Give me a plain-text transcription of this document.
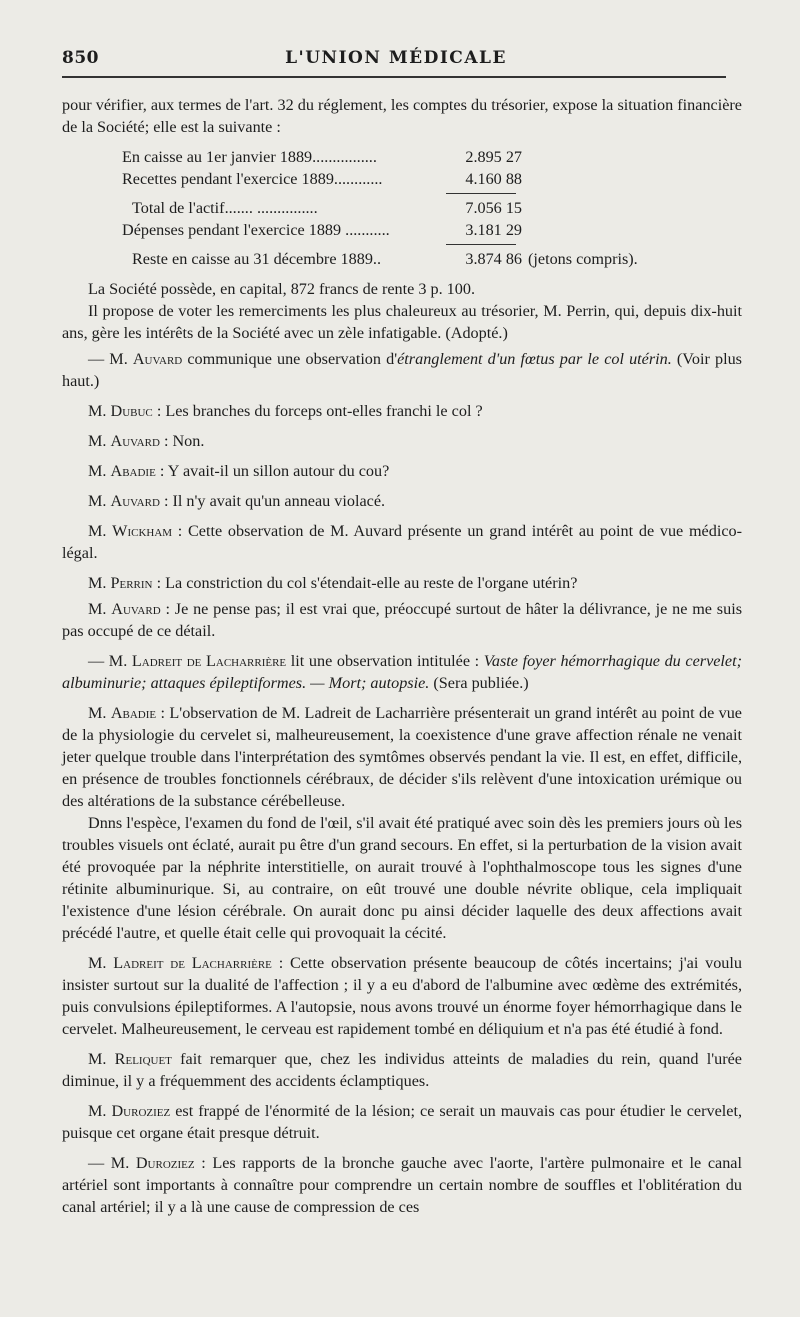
850	L'UNION MÉDICALE

pour vérifier, aux termes de l'art. 32 du réglement, les comptes du trésorier, expose la situation financière de la Société; elle est la suivante :

En caisse au 1er janvier 1889................	2.895 27
Recettes pendant l'exercice 1889............	4.160 88
Total de l'actif....... ...............	7.056 15
Dépenses pendant l'exercice 1889 ...........	3.181 29
Reste en caisse au 31 décembre 1889..	3.874 86 (jetons compris).

La Société possède, en capital, 872 francs de rente 3 p. 100.

Il propose de voter les remerciments les plus chaleureux au trésorier, M. Perrin, qui, depuis dix-huit ans, gère les intérêts de la Société avec un zèle infatigable. (Adopté.)

— M. Auvard communique une observation d'étranglement d'un fœtus par le col utérin. (Voir plus haut.)

M. Dubuc : Les branches du forceps ont-elles franchi le col ?

M. Auvard : Non.

M. Abadie : Y avait-il un sillon autour du cou?

M. Auvard : Il n'y avait qu'un anneau violacé.

M. Wickham : Cette observation de M. Auvard présente un grand intérêt au point de vue médico-légal.

M. Perrin : La constriction du col s'étendait-elle au reste de l'organe utérin?

M. Auvard : Je ne pense pas; il est vrai que, préoccupé surtout de hâter la délivrance, je ne me suis pas occupé de ce détail.

— M. Ladreit de Lacharrière lit une observation intitulée : Vaste foyer hémorrhagique du cervelet; albuminurie; attaques épileptiformes. — Mort; autopsie. (Sera publiée.)

M. Abadie : L'observation de M. Ladreit de Lacharrière présenterait un grand intérêt au point de vue de la physiologie du cervelet si, malheureusement, la coexistence d'une grave affection rénale ne venait jeter quelque trouble dans l'interprétation des symtômes observés pendant la vie. Il est, en effet, difficile, en présence de troubles fonctionnels cérébraux, de décider s'ils relèvent d'une intoxication urémique ou des altérations de la substance cérébelleuse.

Dnns l'espèce, l'examen du fond de l'œil, s'il avait été pratiqué avec soin dès les premiers jours où les troubles visuels ont éclaté, aurait pu être d'un grand secours. En effet, si la perturbation de la vision avait été provoquée par la néphrite interstitielle, on aurait trouvé à l'ophthalmoscope tous les signes d'une rétinite albuminurique. Si, au contraire, on eût trouvé une double névrite oblique, cela impliquait l'existence d'une lésion cérébrale. On aurait donc pu ainsi décider laquelle des deux affections avait précédé l'autre, et quelle était celle qui provoquait la cécité.

M. Ladreit de Lacharrière : Cette observation présente beaucoup de côtés incertains; j'ai voulu insister surtout sur la dualité de l'affection ; il y a eu d'abord de l'albumine avec œdème des extrémités, puis convulsions épileptiformes. A l'autopsie, nous avons trouvé un énorme foyer hémorrhagique dans le cervelet. Malheureusement, le cerveau est rapidement tombé en déliquium et n'a pas été étudié à fond.

M. Reliquet fait remarquer que, chez les individus atteints de maladies du rein, quand l'urée diminue, il y a fréquemment des accidents éclamptiques.

M. Duroziez est frappé de l'énormité de la lésion; ce serait un mauvais cas pour étudier le cervelet, puisque cet organe était presque détruit.

— M. Duroziez : Les rapports de la bronche gauche avec l'aorte, l'artère pulmonaire et le canal artériel sont importants à connaître pour comprendre un certain nombre de souffles et l'oblitération du canal artériel; il y a là une cause de compression de ces
